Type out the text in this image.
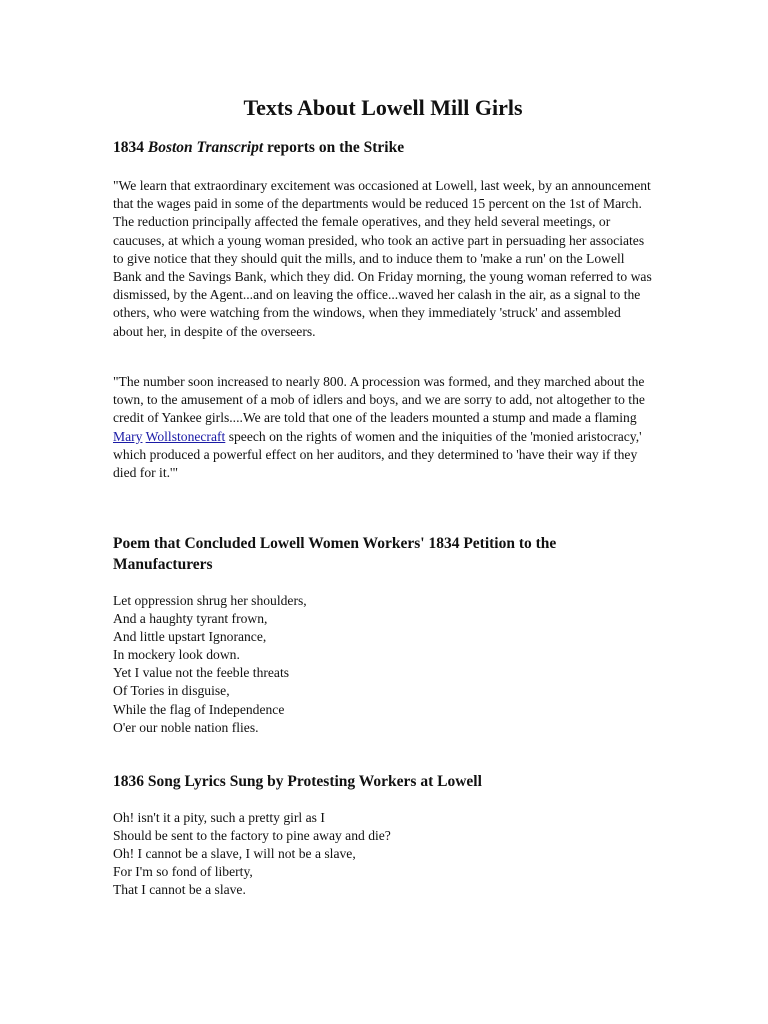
Texts About Lowell Mill Girls
1834 Boston Transcript reports on the Strike

"We learn that extraordinary excitement was occasioned at Lowell, last week, by an announcement that the wages paid in some of the departments would be reduced 15 percent on the 1st of March. The reduction principally affected the female operatives, and they held several meetings, or caucuses, at which a young woman presided, who took an active part in persuading her associates to give notice that they should quit the mills, and to induce them to 'make a run' on the Lowell Bank and the Savings Bank, which they did. On Friday morning, the young woman referred to was dismissed, by the Agent...and on leaving the office...waved her calash in the air, as a signal to the others, who were watching from the windows, when they immediately 'struck' and assembled about her, in despite of the overseers.

"The number soon increased to nearly 800. A procession was formed, and they marched about the town, to the amusement of a mob of idlers and boys, and we are sorry to add, not altogether to the credit of Yankee girls....We are told that one of the leaders mounted a stump and made a flaming Mary Wollstonecraft speech on the rights of women and the iniquities of the 'monied aristocracy,' which produced a powerful effect on her auditors, and they determined to 'have their way if they died for it.'"

Poem that Concluded Lowell Women Workers' 1834 Petition to the Manufacturers
Let oppression shrug her shoulders,
And a haughty tyrant frown,
And little upstart Ignorance,
In mockery look down.
Yet I value not the feeble threats
Of Tories in disguise,
While the flag of Independence
O'er our noble nation flies.
1836 Song Lyrics Sung by Protesting Workers at Lowell
Oh! isn't it a pity, such a pretty girl as I
Should be sent to the factory to pine away and die?
Oh! I cannot be a slave, I will not be a slave,
For I'm so fond of liberty,
That I cannot be a slave.
